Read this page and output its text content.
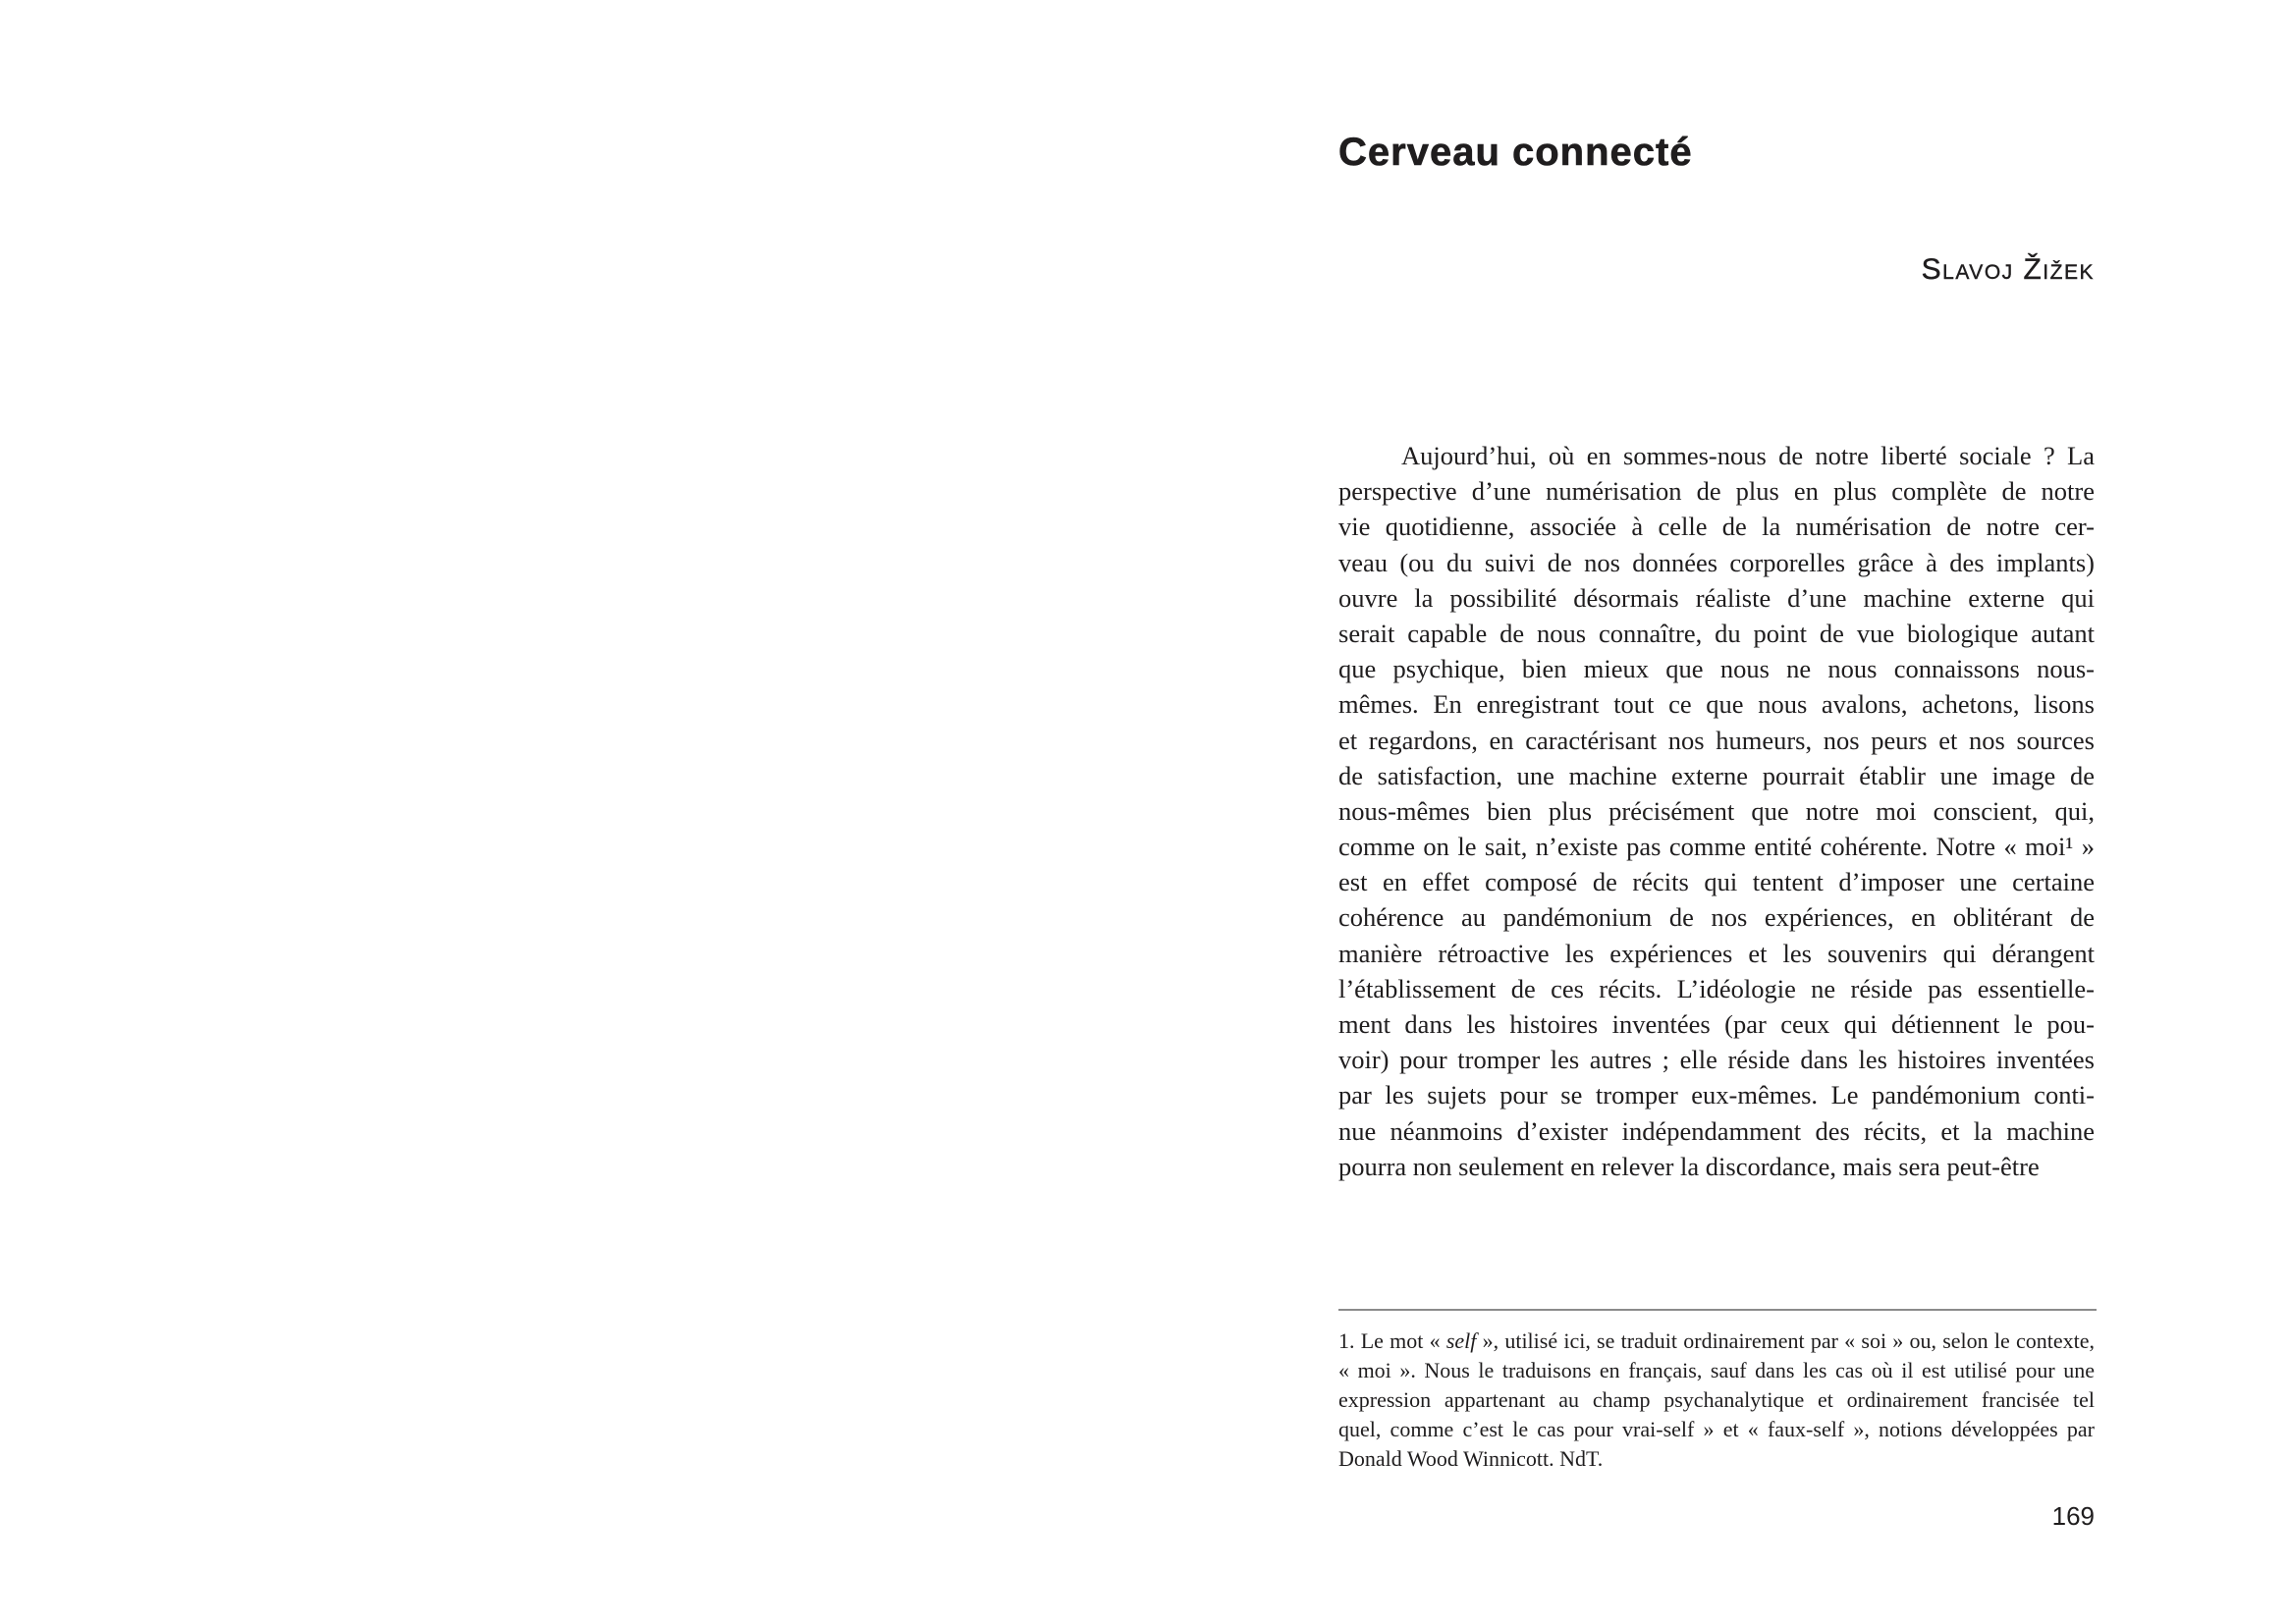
Cerveau connecté
Slavoj Žižek
Aujourd’hui, où en sommes-nous de notre liberté sociale ? La
perspective d’une numérisation de plus en plus complète de notre
vie quotidienne, associée à celle de la numérisation de notre cer-
veau (ou du suivi de nos données corporelles grâce à des implants)
ouvre la possibilité désormais réaliste d’une machine externe qui
serait capable de nous connaître, du point de vue biologique autant
que psychique, bien mieux que nous ne nous connaissons nous-
mêmes. En enregistrant tout ce que nous avalons, achetons, lisons
et regardons, en caractérisant nos humeurs, nos peurs et nos sources
de satisfaction, une machine externe pourrait établir une image de
nous-mêmes bien plus précisément que notre moi conscient, qui,
comme on le sait, n’existe pas comme entité cohérente. Notre « moi¹ »
est en effet composé de récits qui tentent d’imposer une certaine
cohérence au pandémonium de nos expériences, en oblitérant de
manière rétroactive les expériences et les souvenirs qui dérangent
l’établissement de ces récits. L’idéologie ne réside pas essentielle-
ment dans les histoires inventées (par ceux qui détiennent le pou-
voir) pour tromper les autres ; elle réside dans les histoires inventées
par les sujets pour se tromper eux-mêmes. Le pandémonium conti-
nue néanmoins d’exister indépendamment des récits, et la machine
pourra non seulement en relever la discordance, mais sera peut-être
1. Le mot « self », utilisé ici, se traduit ordinairement par « soi » ou, selon le contexte,
« moi ». Nous le traduisons en français, sauf dans les cas où il est utilisé pour une
expression appartenant au champ psychanalytique et ordinairement francisée tel
quel, comme c’est le cas pour vrai-self » et « faux-self », notions développées par
Donald Wood Winnicott. NdT.
169
